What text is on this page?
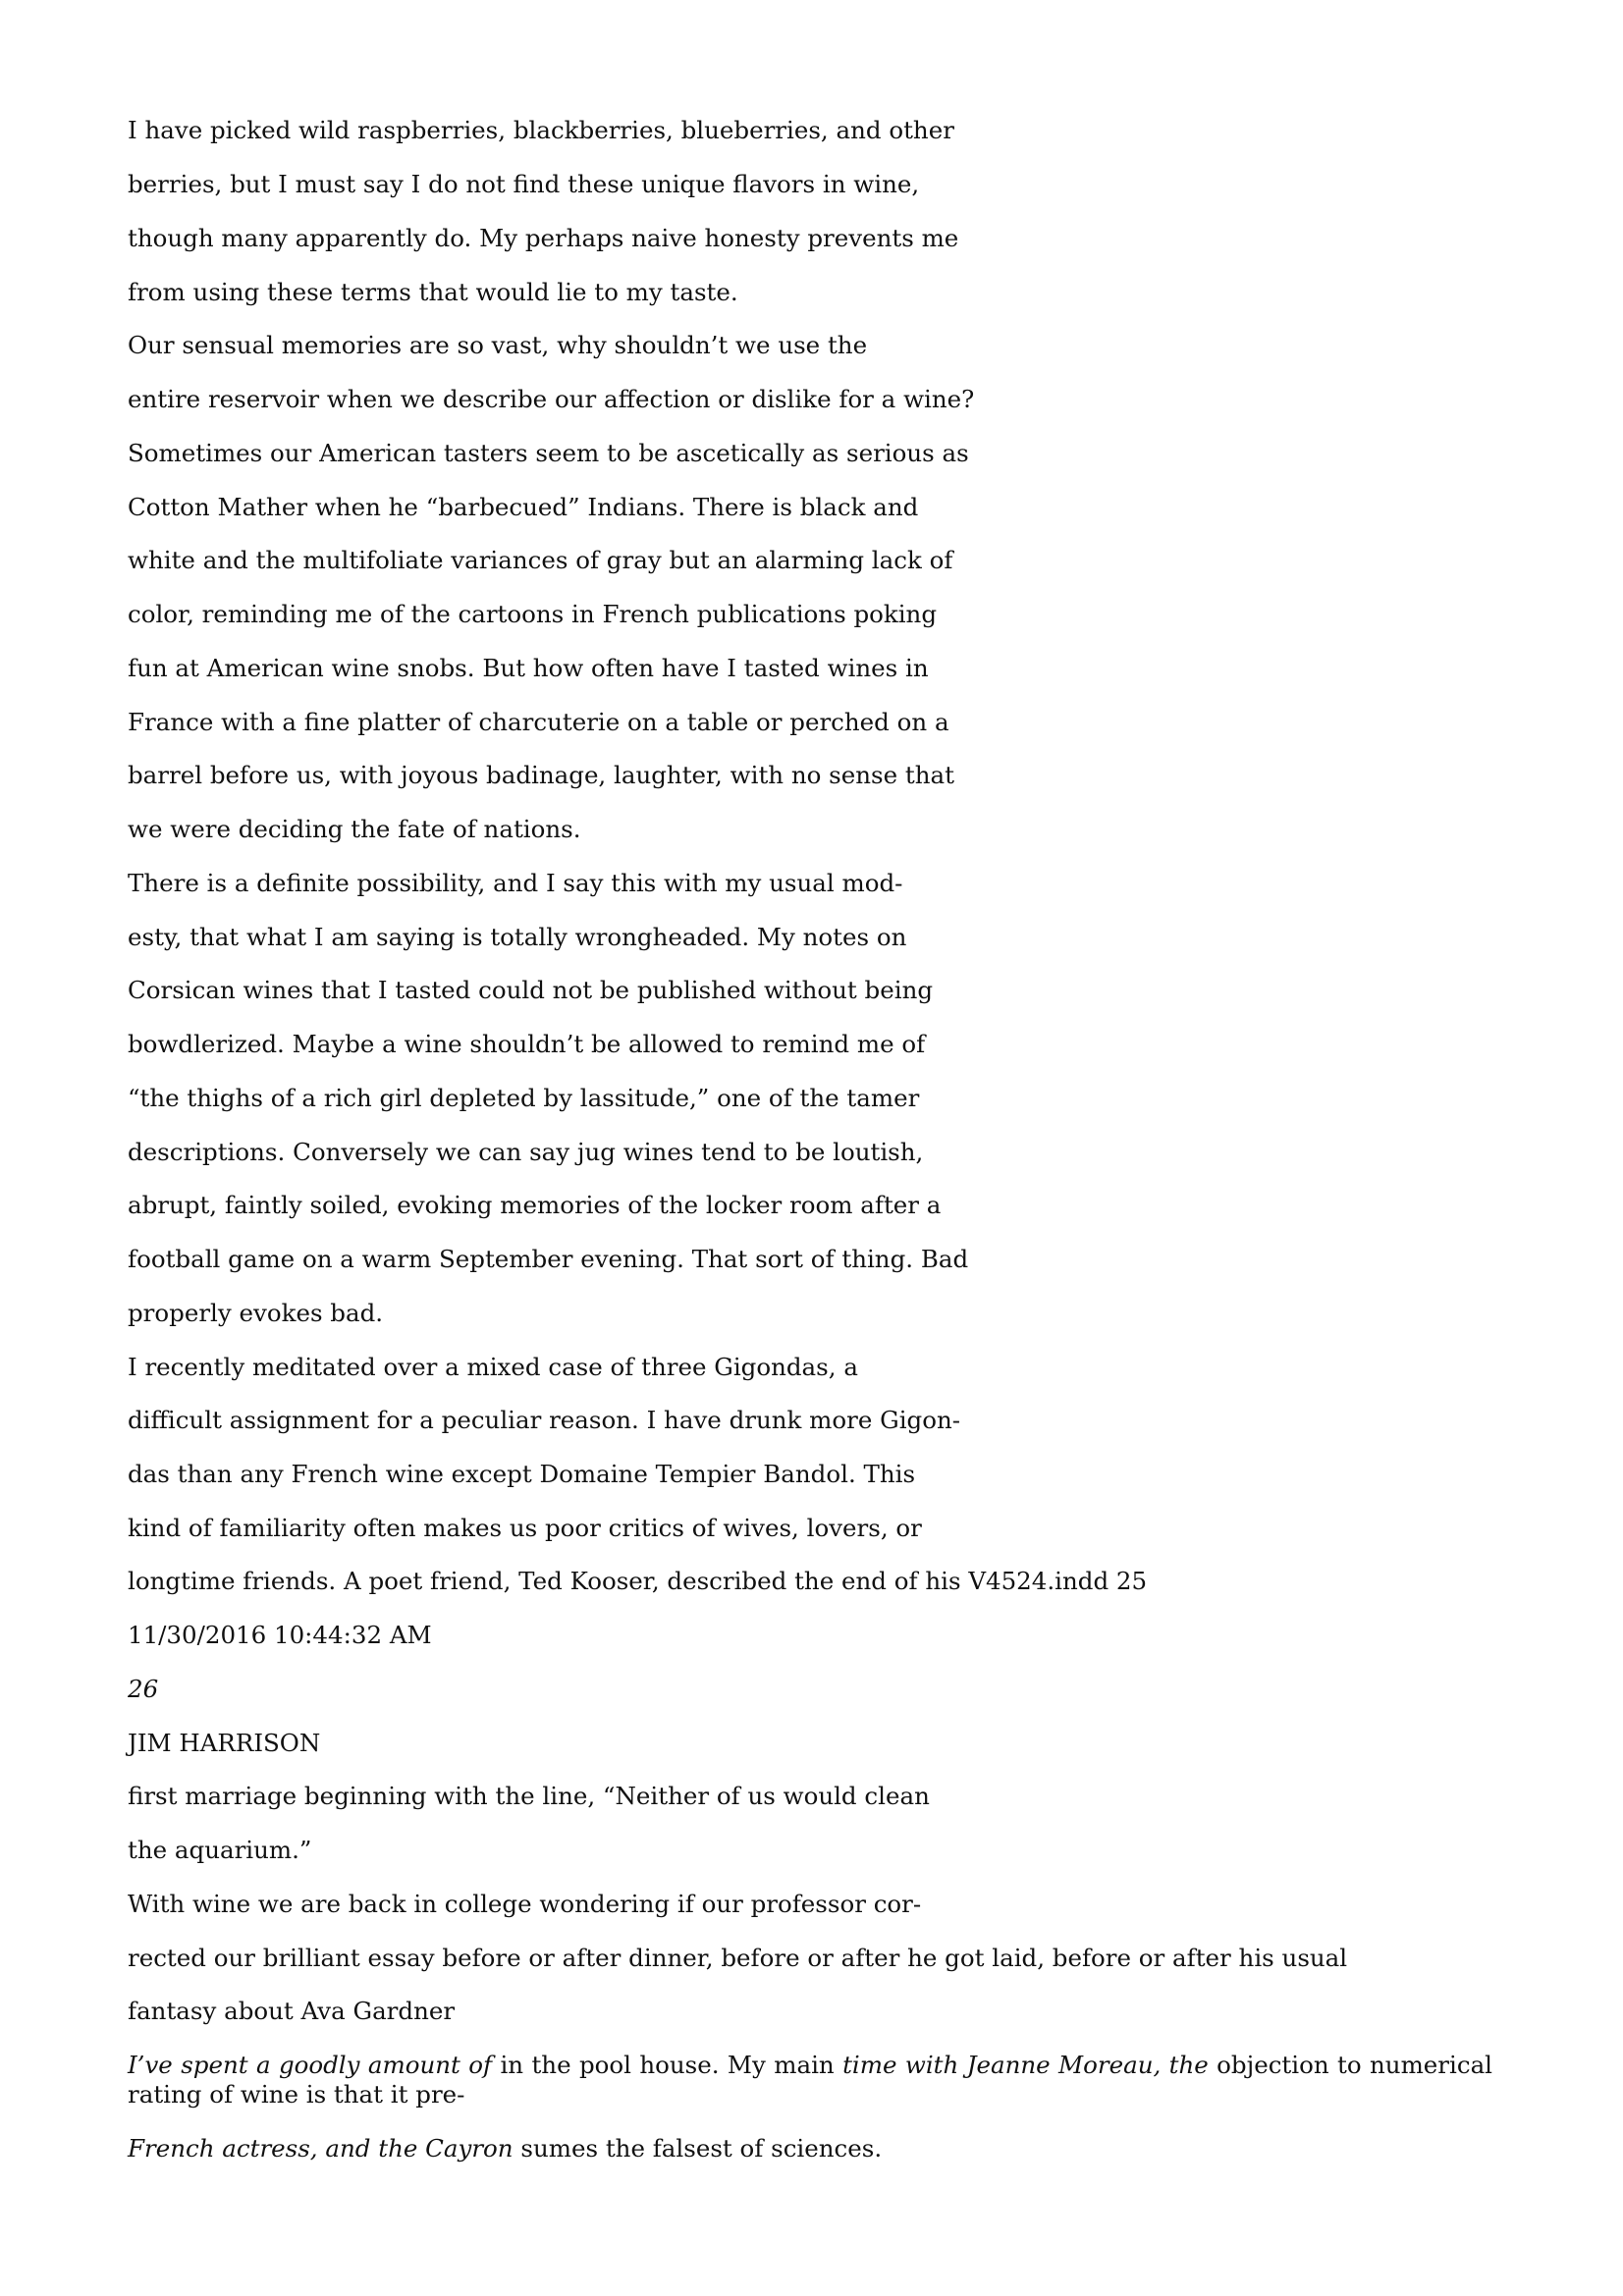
I have picked wild raspberries, blackberries, blueberries, and other

berries, but I must say I do not find these unique flavors in wine,

though many apparently do. My perhaps naive honesty prevents me

from using these terms that would lie to my taste.

Our sensual memories are so vast, why shouldn’t we use the

entire reservoir when we describe our affection or dislike for a wine?

Sometimes our American tasters seem to be ascetically as serious as

Cotton Mather when he “barbecued” Indians. There is black and

white and the multifoliate variances of gray but an alarming lack of

color, reminding me of the cartoons in French publications poking

fun at American wine snobs. But how often have I tasted wines in

France with a fine platter of charcuterie on a table or perched on a

barrel before us, with joyous badinage, laughter, with no sense that

we were deciding the fate of nations.

There is a definite possibility, and I say this with my usual mod-

esty, that what I am saying is totally wrongheaded. My notes on

Corsican wines that I tasted could not be published without being

bowdlerized. Maybe a wine shouldn’t be allowed to remind me of

“the thighs of a rich girl depleted by lassitude,” one of the tamer

descriptions. Conversely we can say jug wines tend to be loutish,

abrupt, faintly soiled, evoking memories of the locker room after a

football game on a warm September evening. That sort of thing. Bad

properly evokes bad.

I recently meditated over a mixed case of three Gigondas, a

difficult assignment for a peculiar reason. I have drunk more Gigon-

das than any French wine except Domaine Tempier Bandol. This

kind of familiarity often makes us poor critics of wives, lovers, or

longtime friends. A poet friend, Ted Kooser, described the end of his V4524.indd 25

11/30/2016 10:44:32 AM

26

JIM HARRISON

first marriage beginning with the line, “Neither of us would clean

the aquarium.”

With wine we are back in college wondering if our professor cor-

rected our brilliant essay before or after dinner, before or after he got laid, before or after his usual

fantasy about Ava Gardner

I’ve spent a goodly amount of in the pool house. My main time with Jeanne Moreau, the objection to numerical rating of wine is that it pre-

French actress, and the Cayron sumes the falsest of sciences.
